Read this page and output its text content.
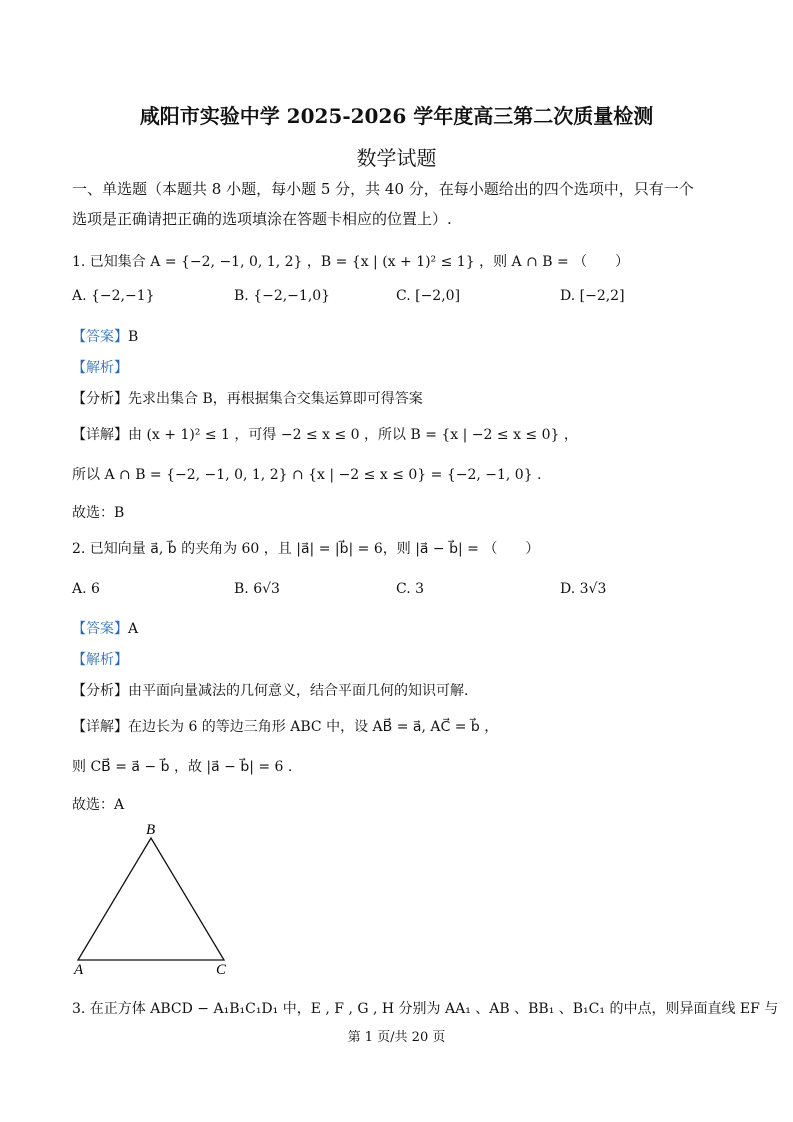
咸阳市实验中学 2025-2026 学年度高三第二次质量检测
数学试题
一、单选题（本题共 8 小题，每小题 5 分，共 40 分，在每小题给出的四个选项中，只有一个
选项是正确请把正确的选项填涂在答题卡相应的位置上）.
1. 已知集合 A = {−2, −1, 0, 1, 2} ，B = {x | (x + 1)² ≤ 1} ，则 A ∩ B = （　　）
A. {−2,−1}	B. {−2,−1,0}	C. [−2,0]	D. [−2,2]
【答案】B
【解析】
【分析】先求出集合 B，再根据集合交集运算即可得答案
【详解】由 (x + 1)² ≤ 1 ，可得 −2 ≤ x ≤ 0 ，所以 B = {x | −2 ≤ x ≤ 0} ，
所以 A ∩ B = {−2, −1, 0, 1, 2} ∩ {x | −2 ≤ x ≤ 0} = {−2, −1, 0} .
故选：B
2. 已知向量 a⃗, b⃗ 的夹角为 60 ，且 |a⃗| = |b⃗| = 6，则 |a⃗ − b⃗| = （　　）
A. 6	B. 6√3	C. 3	D. 3√3
【答案】A
【解析】
【分析】由平面向量减法的几何意义，结合平面几何的知识可解.
【详解】在边长为 6 的等边三角形 ABC 中，设 AB⃗ = a⃗, AC⃗ = b⃗ ，
则 CB⃗ = a⃗ − b⃗ ，故 |a⃗ − b⃗| = 6 .
故选：A
B
A	C
3. 在正方体 ABCD − A₁B₁C₁D₁ 中，E , F , G , H 分别为 AA₁ 、AB 、BB₁ 、B₁C₁ 的中点，则异面直线 EF 与
第 1 页/共 20 页
